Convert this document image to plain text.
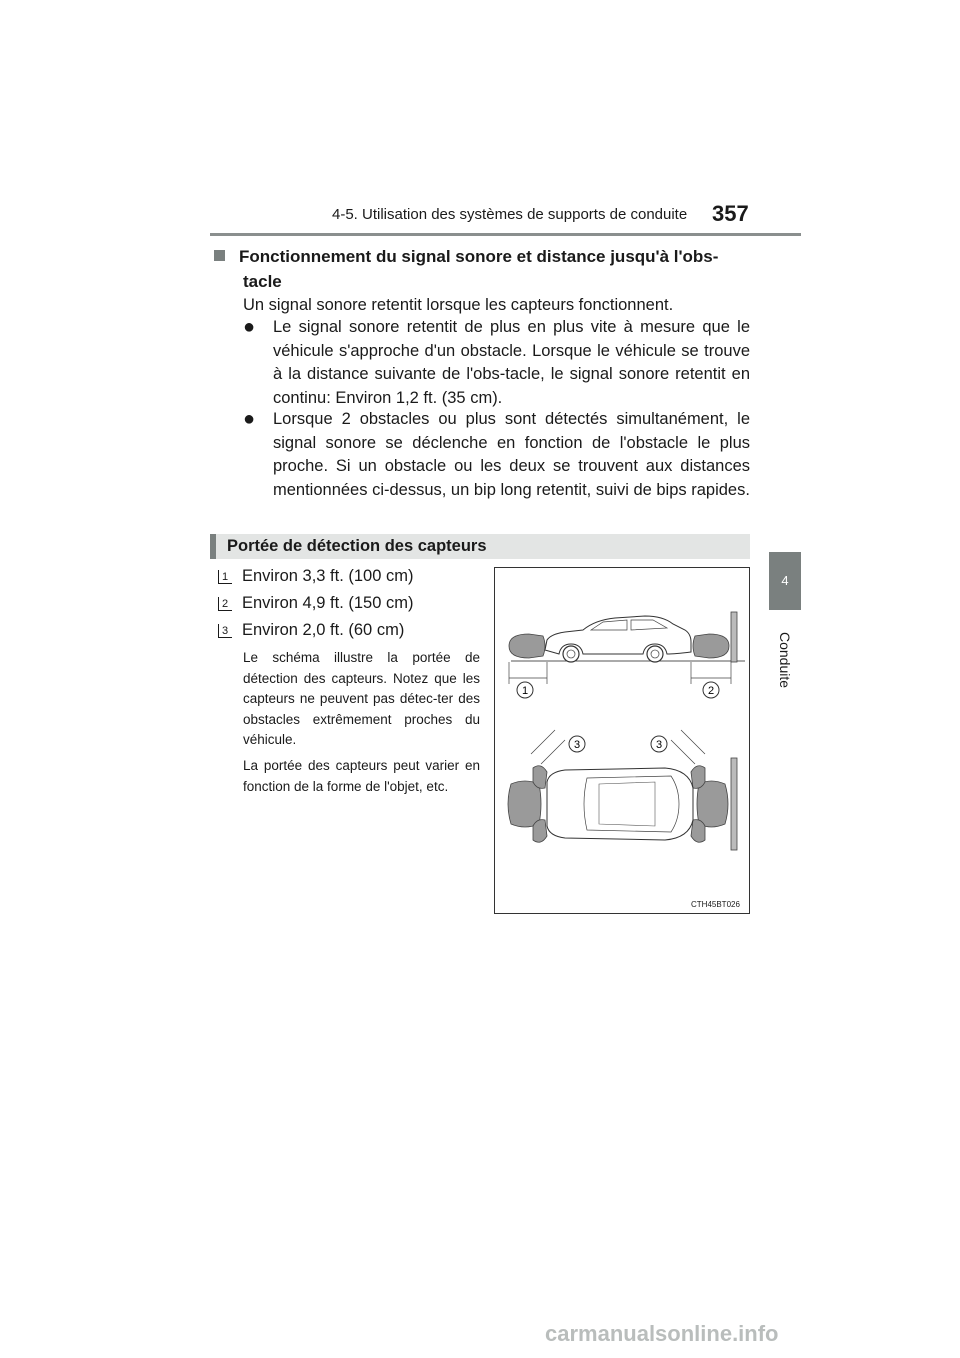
4-5. Utilisation des systèmes de supports de conduite 357
4
Conduite
Fonctionnement du signal sonore et distance jusqu'à l'obs-
tacle
Un signal sonore retentit lorsque les capteurs fonctionnent.
● Le signal sonore retentit de plus en plus vite à mesure que le véhicule s'approche d'un obstacle. Lorsque le véhicule se trouve à la distance suivante de l'obs-tacle, le signal sonore retentit en continu: Environ 1,2 ft. (35 cm).
● Lorsque 2 obstacles ou plus sont détectés simultanément, le signal sonore se déclenche en fonction de l'obstacle le plus proche. Si un obstacle ou les deux se trouvent aux distances mentionnées ci-dessus, un bip long retentit, suivi de bips rapides.
Portée de détection des capteurs
1 Environ 3,3 ft. (100 cm)
2 Environ 4,9 ft. (150 cm)
3 Environ 2,0 ft. (60 cm)
Le schéma illustre la portée de détection des capteurs. Notez que les capteurs ne peuvent pas détec-ter des obstacles extrêmement proches du véhicule.
La portée des capteurs peut varier en fonction de la forme de l'objet, etc.
1	2
3	3
CTH45BT026
carmanualsonline.info
